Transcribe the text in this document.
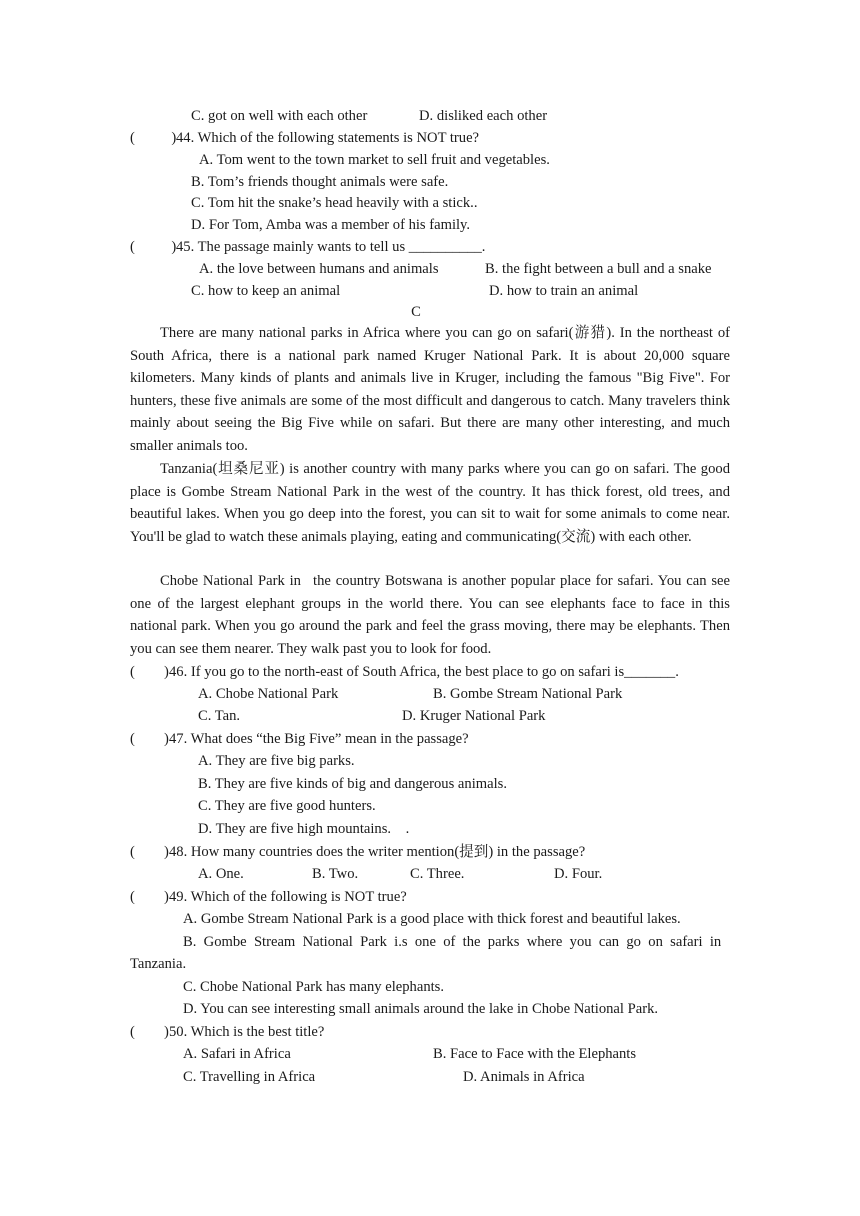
C. got on well with each other	D. disliked each other
(          ) 44. Which of the following statements is NOT true?
A. Tom went to the town market to sell fruit and vegetables.
B. Tom’s friends thought animals were safe.
C. Tom hit the snake’s head heavily with a stick..
D. For Tom, Amba was a member of his family.
(          ) 45. The passage mainly wants to tell us __________.
A. the love between humans and animals	B. the fight between a bull and a snake
C. how to keep an animal	D. how to train an animal
C
There are many national parks in Africa where you can go on safari(游猎). In the northeast of South Africa, there is a national park named Kruger National Park. It is about 20,000 square kilometers. Many kinds of plants and animals live in Kruger, including the famous "Big Five". For hunters, these five animals are some of the most difficult and dangerous to catch. Many travelers think mainly about seeing the Big Five while on safari. But there are many other interesting, and much smaller animals too.
Tanzania(坦桑尼亚) is another country with many parks where you can go on safari. The good place is Gombe Stream National Park in the west of the country. It has thick forest, old trees, and beautiful lakes. When you go deep into the forest, you can sit to wait for some animals to come near. You'll be glad to watch these animals playing, eating and communicating(交流) with each other.
Chobe National Park in  the country Botswana is another popular place for safari. You can see one of the largest elephant groups in the world there. You can see elephants face to face in this national park. When you go around the park and feel the grass moving, there may be elephants. Then you can see them nearer. They walk past you to look for food.
(        ) 46. If you go to the north-east of South Africa, the best place to go on safari is_______.
A. Chobe National Park	B. Gombe Stream National Park
C. Tan.	D. Kruger National Park
(        ) 47. What does “the Big Five” mean in the passage?
A. They are five big parks.
B. They are five kinds of big and dangerous animals.
C. They are five good hunters.
D. They are five high mountains.    .
(        ) 48. How many countries does the writer mention(提到) in the passage?
A. One.	B. Two.	C. Three.	D. Four.
(        ) 49. Which of the following is NOT true?
A. Gombe Stream National Park is a good place with thick forest and beautiful lakes.
B.  Gombe  Stream  National  Park  i.s  one  of  the  parks  where  you  can  go  on  safari  in
Tanzania.
C. Chobe National Park has many elephants.
D. You can see interesting small animals around the lake in Chobe National Park.
(        ) 50. Which is the best title?
A. Safari in Africa	B. Face to Face with the Elephants
C. Travelling in Africa	D. Animals in Africa
